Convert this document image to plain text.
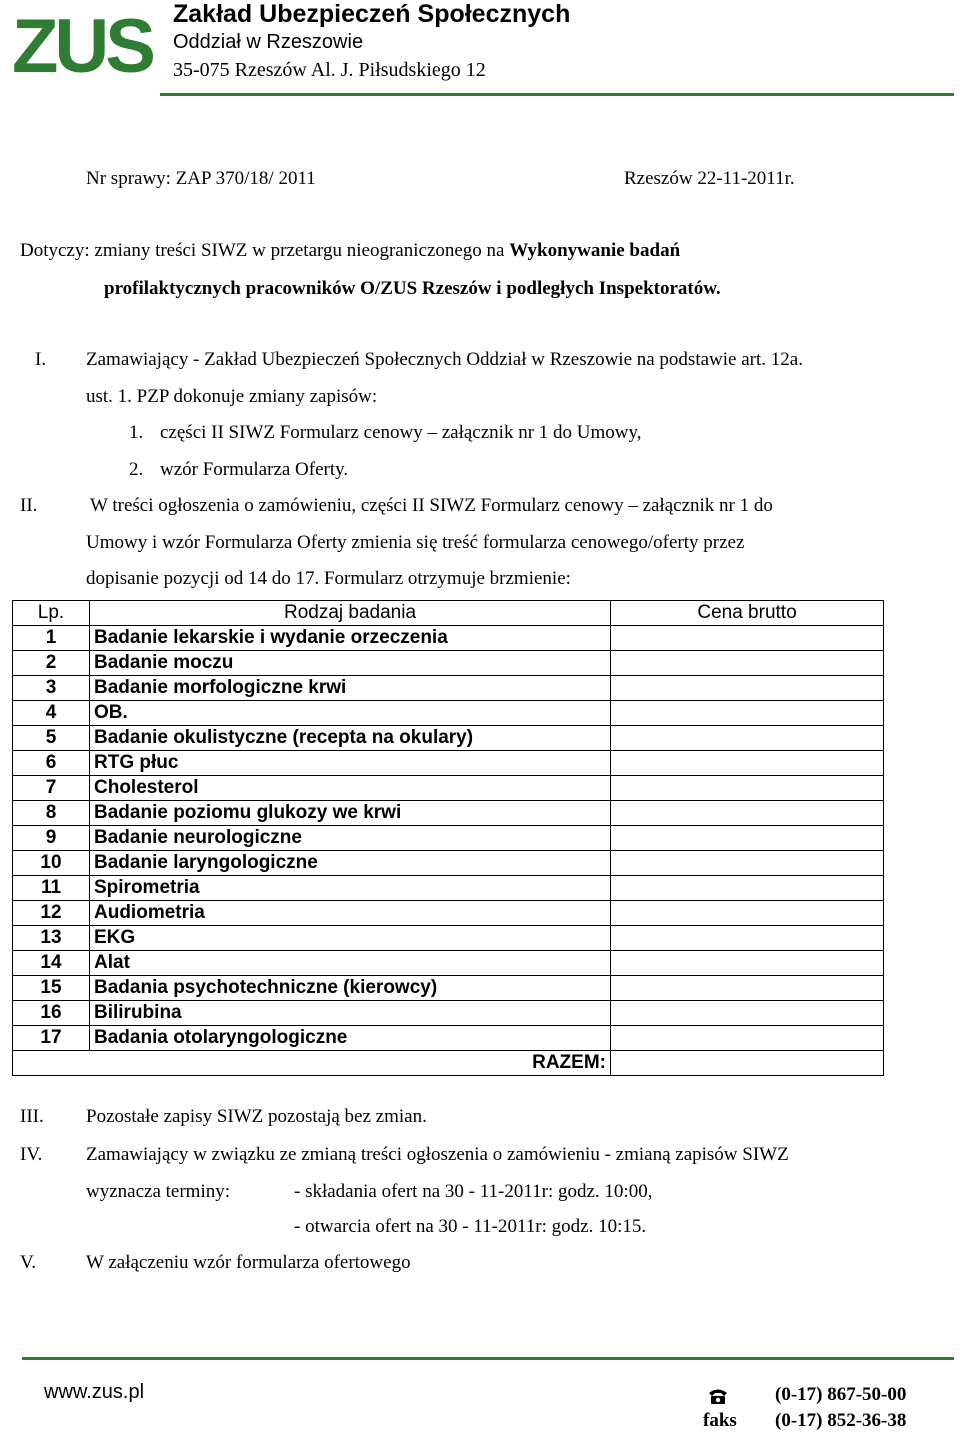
ZUS Zakład Ubezpieczeń Społecznych
Oddział w Rzeszowie
35-075 Rzeszów Al. J. Piłsudskiego 12
Nr sprawy: ZAP 370/18/ 2011	Rzeszów 22-11-2011r.
Dotyczy: zmiany treści SIWZ w przetargu nieograniczonego na Wykonywanie badań
profilaktycznych pracowników O/ZUS Rzeszów i podległych Inspektoratów.
I. Zamawiający - Zakład Ubezpieczeń Społecznych Oddział w Rzeszowie na podstawie art. 12a.
ust. 1. PZP dokonuje zmiany zapisów:
1. części II SIWZ Formularz cenowy – załącznik nr 1 do Umowy,
2. wzór Formularza Oferty.
II.	W treści ogłoszenia o zamówieniu, części II SIWZ Formularz cenowy – załącznik nr 1 do
Umowy i wzór Formularza Oferty zmienia się treść formularza cenowego/oferty przez
dopisanie pozycji od 14 do 17. Formularz otrzymuje brzmienie:
Lp.	Rodzaj badania	Cena brutto
1	Badanie lekarskie i wydanie orzeczenia	
2	Badanie moczu	
3	Badanie morfologiczne krwi	
4	OB.	
5	Badanie okulistyczne (recepta na okulary)	
6	RTG płuc	
7	Cholesterol	
8	Badanie poziomu glukozy we krwi	
9	Badanie neurologiczne	
10	Badanie laryngologiczne	
11	Spirometria	
12	Audiometria	
13	EKG	
14	Alat	
15	Badania psychotechniczne (kierowcy)	
16	Bilirubina	
17	Badania otolaryngologiczne	
RAZEM:		
III. Pozostałe zapisy SIWZ pozostają bez zmian.
IV. Zamawiający w związku ze zmianą treści ogłoszenia o zamówieniu - zmianą zapisów SIWZ
wyznacza terminy:	- składania ofert na 30 - 11-2011r: godz. 10:00,
- otwarcia ofert na 30 - 11-2011r: godz. 10:15.
V.	W załączeniu wzór formularza ofertowego
www.zus.pl	(0-17) 867-50-00
faks (0-17) 852-36-38
